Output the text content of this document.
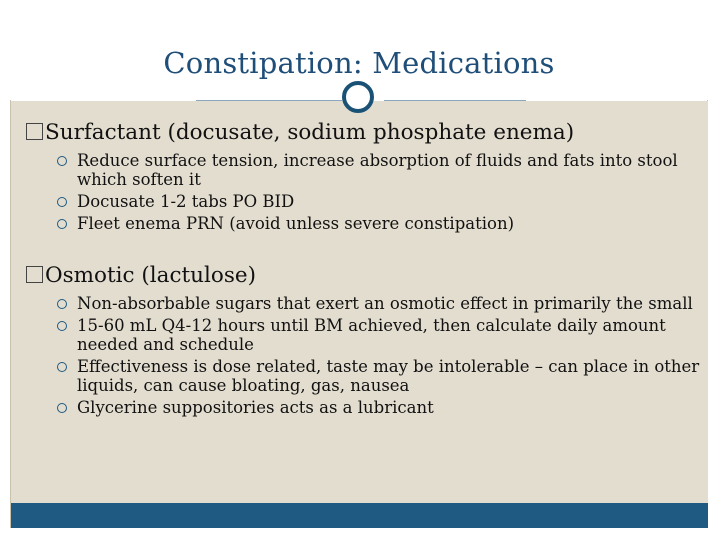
Constipation: Medications
Surfactant (docusate, sodium phosphate enema)
Reduce surface tension, increase absorption of fluids and fats into stool which soften it
Docusate 1-2 tabs PO BID
Fleet enema PRN (avoid unless severe constipation)
Osmotic (lactulose)
Non-absorbable sugars that exert an osmotic effect in primarily the small
15-60 mL Q4-12 hours until BM achieved, then calculate daily amount needed and schedule
Effectiveness is dose related, taste may be intolerable – can place in other liquids, can cause bloating, gas, nausea
Glycerine suppositories acts as a lubricant
